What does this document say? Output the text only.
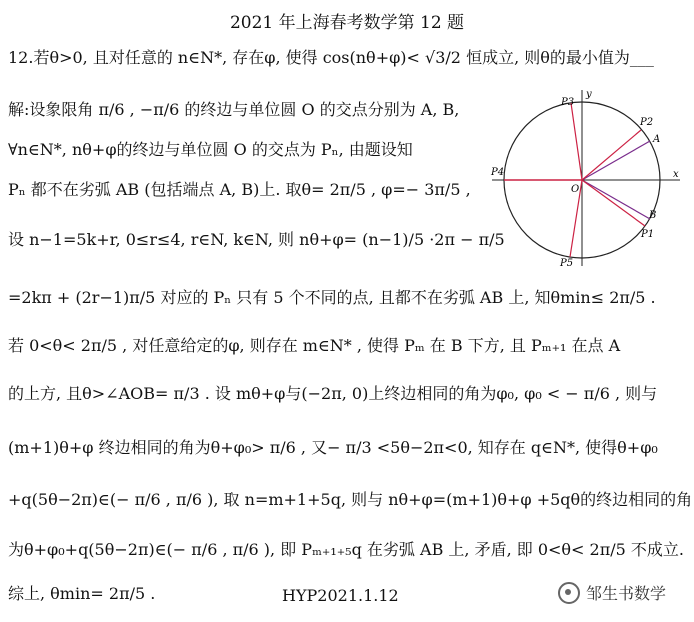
2021 年上海春考数学第 12 题
12.若θ>0, 且对任意的 n∈N*, 存在φ, 使得 cos(nθ+φ)< √3/2 恒成立, 则θ的最小值为___
解:设象限角 π/6 , −π/6 的终边与单位圆 O 的交点分别为 A, B,
∀n∈N*, nθ+φ的终边与单位圆 O 的交点为 Pₙ, 由题设知
Pₙ 都不在劣弧 AB (包括端点 A, B)上. 取θ= 2π/5 , φ=− 3π/5 ,
设 n−1=5k+r, 0≤r≤4, r∈N, k∈N, 则 nθ+φ= (n−1)/5 ·2π − π/5
=2kπ + (2r−1)π/5 对应的 Pₙ 只有 5 个不同的点, 且都不在劣弧 AB 上, 知θmin≤ 2π/5 .
若 0<θ< 2π/5 , 对任意给定的φ, 则存在 m∈N* , 使得 Pₘ 在 B 下方, 且 Pₘ₊₁ 在点 A
的上方, 且θ>∠AOB= π/3 . 设 mθ+φ与(−2π, 0)上终边相同的角为φ₀, φ₀ < − π/6 , 则与
(m+1)θ+φ 终边相同的角为θ+φ₀> π/6 , 又− π/3 <5θ−2π<0, 知存在 q∈N*, 使得θ+φ₀
+q(5θ−2π)∈(− π/6 , π/6 ), 取 n=m+1+5q, 则与 nθ+φ=(m+1)θ+φ +5qθ的终边相同的角
为θ+φ₀+q(5θ−2π)∈(− π/6 , π/6 ), 即 Pₘ₊₁₊₅q 在劣弧 AB 上, 矛盾, 即 0<θ< 2π/5 不成立.
综上, θmin= 2π/5 .	HYP2021.1.12
y
x
O
A
B
P2
P1
P3
P4
P5
邹生书数学
